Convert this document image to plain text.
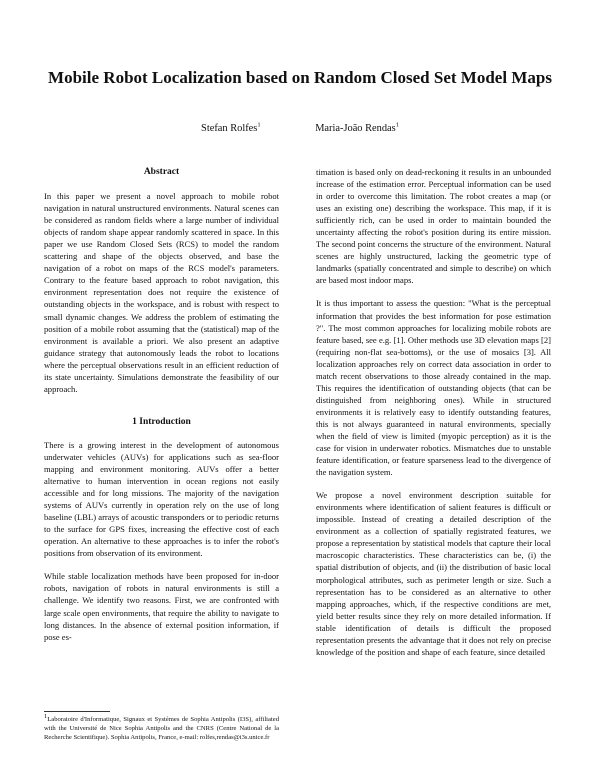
Mobile Robot Localization based on Random Closed Set Model Maps
Stefan Rolfes$^1$	Maria-João Rendas$^1$
Abstract

In this paper we present a novel approach to mobile robot navigation in natural unstructured environments. Natural scenes can be considered as random fields where a large number of individual objects of random shape appear randomly scattered in space. In this paper we use Random Closed Sets (RCS) to model the random scattering and shape of the objects observed, and base the navigation of a robot on maps of the RCS model's parameters. Contrary to the feature based approach to robot navigation, this environment representation does not require the existence of outstanding objects in the workspace, and is robust with respect to small dynamic changes. We address the problem of estimating the position of a mobile robot assuming that the (statistical) map of the environment is available a priori. We also present an adaptive guidance strategy that autonomously leads the robot to locations where the perceptual observations result in an efficient reduction of its state uncertainty. Simulations demonstrate the feasibility of our approach.

1 Introduction

There is a growing interest in the development of autonomous underwater vehicles (AUVs) for applications such as sea-floor mapping and environment monitoring. AUVs offer a better alternative to human intervention in ocean regions not easily accessible and for long missions. The majority of the navigation systems of AUVs currently in operation rely on the use of long baseline (LBL) arrays of acoustic transponders or to periodic returns to the surface for GPS fixes, increasing the effective cost of each operation. An alternative to these approaches is to infer the robot's positions from observation of its environment.

While stable localization methods have been proposed for in-door robots, navigation of robots in natural environments is still a challenge. We identify two reasons. First, we are confronted with large scale open environments, that require the ability to navigate to long distances. In the absence of external position information, if pose es-

$^1$Laboratoire d'Informatique, Signaux et Systèmes de Sophia Antipolis (I3S), affiliated with the Université de Nice Sophia Antipolis and the CNRS (Centre National de la Recherche Scientifique). Sophia Antipolis, France, e-mail: rolfes,rendas@i3s.unice.fr

timation is based only on dead-reckoning it results in an unbounded increase of the estimation error. Perceptual information can be used in order to overcome this limitation. The robot creates a map (or uses an existing one) describing the workspace. This map, if it is sufficiently rich, can be used in order to maintain bounded the uncertainty affecting the robot's position during its entire mission. The second point concerns the structure of the environment. Natural scenes are highly unstructured, lacking the geometric type of landmarks (spatially concentrated and simple to describe) on which are based most indoor maps.

It is thus important to assess the question: "What is the perceptual information that provides the best information for pose estimation ?". The most common approaches for localizing mobile robots are feature based, see e.g. [1]. Other methods use 3D elevation maps [2] (requiring non-flat sea-bottoms), or the use of mosaics [3]. All localization approaches rely on correct data association in order to match recent observations to those already contained in the map. This requires the identification of outstanding objects (that can be distinguished from neighboring ones). While in structured environments it is relatively easy to identify outstanding features, this is not always guaranteed in natural environments, specially when the field of view is limited (myopic perception) as it is the case for vision in underwater robotics. Mismatches due to unstable feature identification, or feature sparseness lead to the divergence of the navigation system.

We propose a novel environment description suitable for environments where identification of salient features is difficult or impossible. Instead of creating a detailed description of the environment as a collection of spatially registrated features, we propose a representation by statistical models that capture their local macroscopic characteristics. These characteristics can be, (i) the spatial distribution of objects, and (ii) the distribution of basic local morphological attributes, such as perimeter length or size. Such a representation has to be considered as an alternative to other mapping approaches, which, if the respective conditions are met, yield better results since they rely on more detailed information. If stable identification of details is difficult the proposed representation presents the advantage that it does not rely on precise knowledge of the position and shape of each feature, since detailed
